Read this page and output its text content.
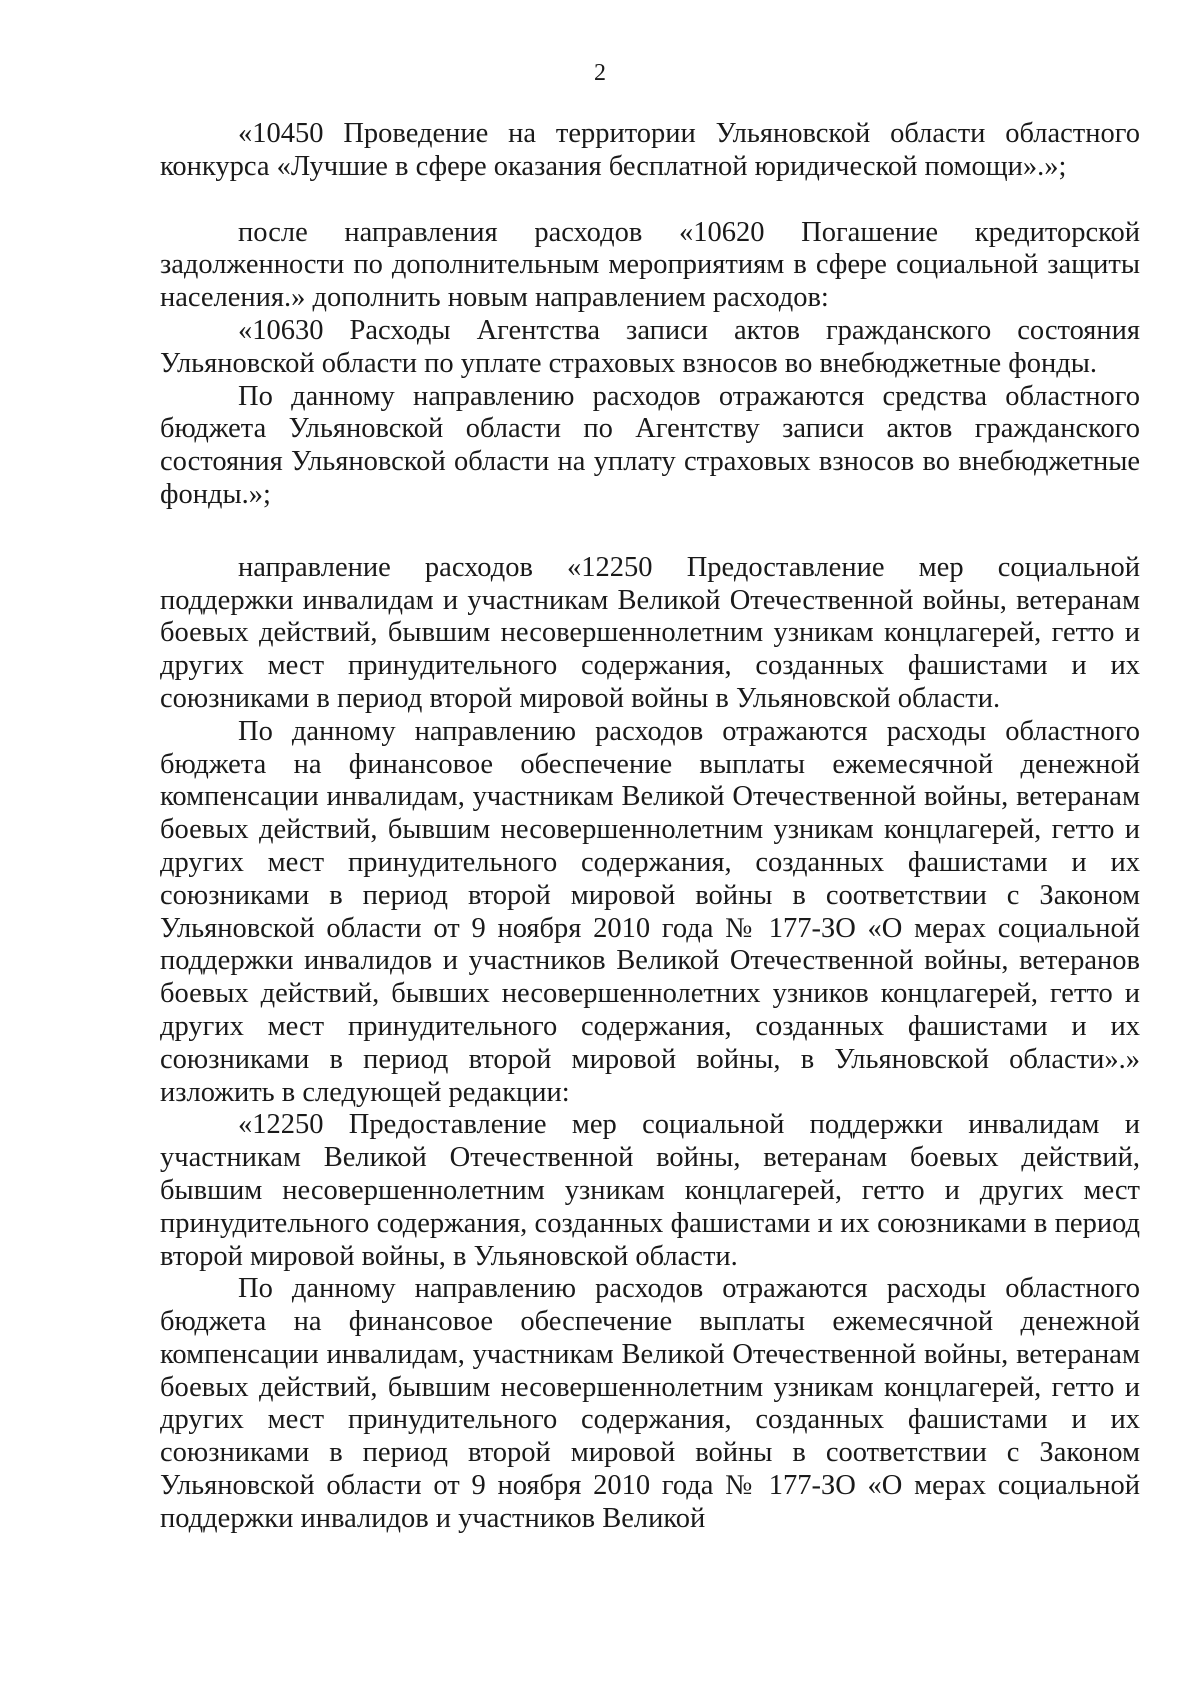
2

«10450 Проведение на территории Ульяновской области областного конкурса «Лучшие в сфере оказания бесплатной юридической помощи».»;

после направления расходов «10620 Погашение кредиторской задолженности по дополнительным мероприятиям в сфере социальной защиты населения.» дополнить новым направлением расходов:

«10630 Расходы Агентства записи актов гражданского состояния Ульяновской области по уплате страховых взносов во внебюджетные фонды.

По данному направлению расходов отражаются средства областного бюджета Ульяновской области по Агентству записи актов гражданского состояния Ульяновской области на уплату страховых взносов во внебюджетные фонды.»;

направление расходов «12250 Предоставление мер социальной поддержки инвалидам и участникам Великой Отечественной войны, ветеранам боевых действий, бывшим несовершеннолетним узникам концлагерей, гетто и других мест принудительного содержания, созданных фашистами и их союзниками в период второй мировой войны в Ульяновской области.

По данному направлению расходов отражаются расходы областного бюджета на финансовое обеспечение выплаты ежемесячной денежной компенсации инвалидам, участникам Великой Отечественной войны, ветеранам боевых действий, бывшим несовершеннолетним узникам концлагерей, гетто и других мест принудительного содержания, созданных фашистами и их союзниками в период второй мировой войны в соответствии с Законом Ульяновской области от 9 ноября 2010 года № 177-ЗО «О мерах социальной поддержки инвалидов и участников Великой Отечественной войны, ветеранов боевых действий, бывших несовершеннолетних узников концлагерей, гетто и других мест принудительного содержания, созданных фашистами и их союзниками в период второй мировой войны, в Ульяновской области».» изложить в следующей редакции:

«12250 Предоставление мер социальной поддержки инвалидам и участникам Великой Отечественной войны, ветеранам боевых действий, бывшим несовершеннолетним узникам концлагерей, гетто и других мест принудительного содержания, созданных фашистами и их союзниками в период второй мировой войны, в Ульяновской области.

По данному направлению расходов отражаются расходы областного бюджета на финансовое обеспечение выплаты ежемесячной денежной компенсации инвалидам, участникам Великой Отечественной войны, ветеранам боевых действий, бывшим несовершеннолетним узникам концлагерей, гетто и других мест принудительного содержания, созданных фашистами и их союзниками в период второй мировой войны в соответствии с Законом Ульяновской области от 9 ноября 2010 года № 177-ЗО «О мерах социальной поддержки инвалидов и участников Великой
